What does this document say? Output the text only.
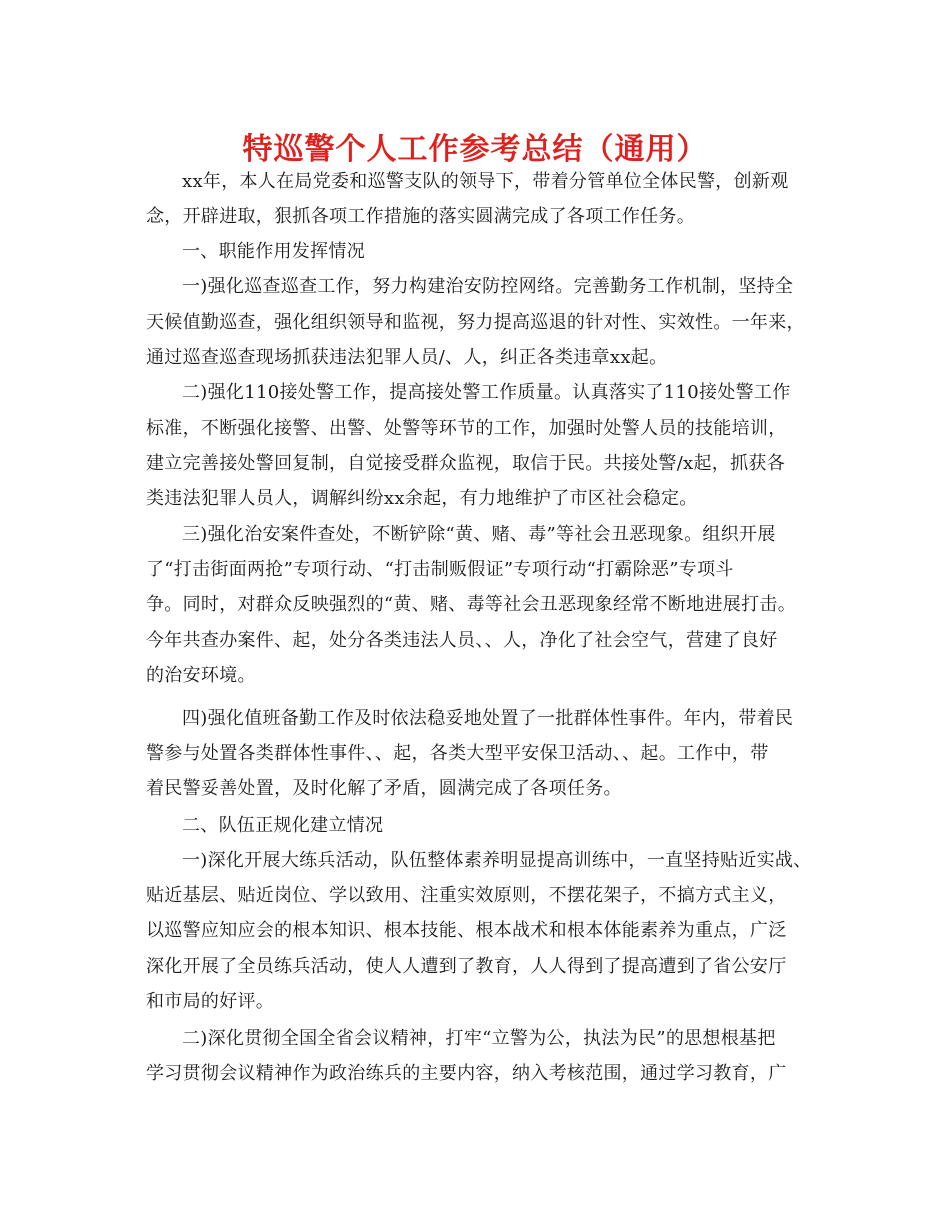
特巡警个人工作参考总结（通用）

xx年，本人在局党委和巡警支队的领导下，带着分管单位全体民警，创新观

念，开辟进取，狠抓各项工作措施的落实圆满完成了各项工作任务。

一、职能作用发挥情况

一)强化巡查巡查工作，努力构建治安防控网络。完善勤务工作机制，坚持全

天候值勤巡查，强化组织领导和监视，努力提高巡退的针对性、实效性。一年来，

通过巡查巡查现场抓获违法犯罪人员/、人，纠正各类违章xx起。

二)强化110接处警工作，提高接处警工作质量。认真落实了110接处警工作

标准，不断强化接警、出警、处警等环节的工作，加强时处警人员的技能培训，

建立完善接处警回复制，自觉接受群众监视，取信于民。共接处警/x起，抓获各

类违法犯罪人员人，调解纠纷xx余起，有力地维护了市区社会稳定。

三)强化治安案件查处，不断铲除“黄、赌、毒”等社会丑恶现象。组织开展

了“打击街面两抢”专项行动、“打击制贩假证”专项行动“打霸除恶”专项斗

争。同时，对群众反映强烈的“黄、赌、毒等社会丑恶现象经常不断地进展打击。

今年共查办案件、起，处分各类违法人员、、人，净化了社会空气，营建了良好

的治安环境。

四)强化值班备勤工作及时依法稳妥地处置了一批群体性事件。年内，带着民

警参与处置各类群体性事件、、起，各类大型平安保卫活动、、起。工作中，带

着民警妥善处置，及时化解了矛盾，圆满完成了各项任务。

二、队伍正规化建立情况

一)深化开展大练兵活动，队伍整体素养明显提高训练中，一直坚持贴近实战、

贴近基层、贴近岗位、学以致用、注重实效原则，不摆花架子，不搞方式主义，

以巡警应知应会的根本知识、根本技能、根本战术和根本体能素养为重点，广泛

深化开展了全员练兵活动，使人人遭到了教育，人人得到了提高遭到了省公安厅

和市局的好评。

二)深化贯彻全国全省会议精神，打牢“立警为公，执法为民”的思想根基把

学习贯彻会议精神作为政治练兵的主要内容，纳入考核范围，通过学习教育，广
